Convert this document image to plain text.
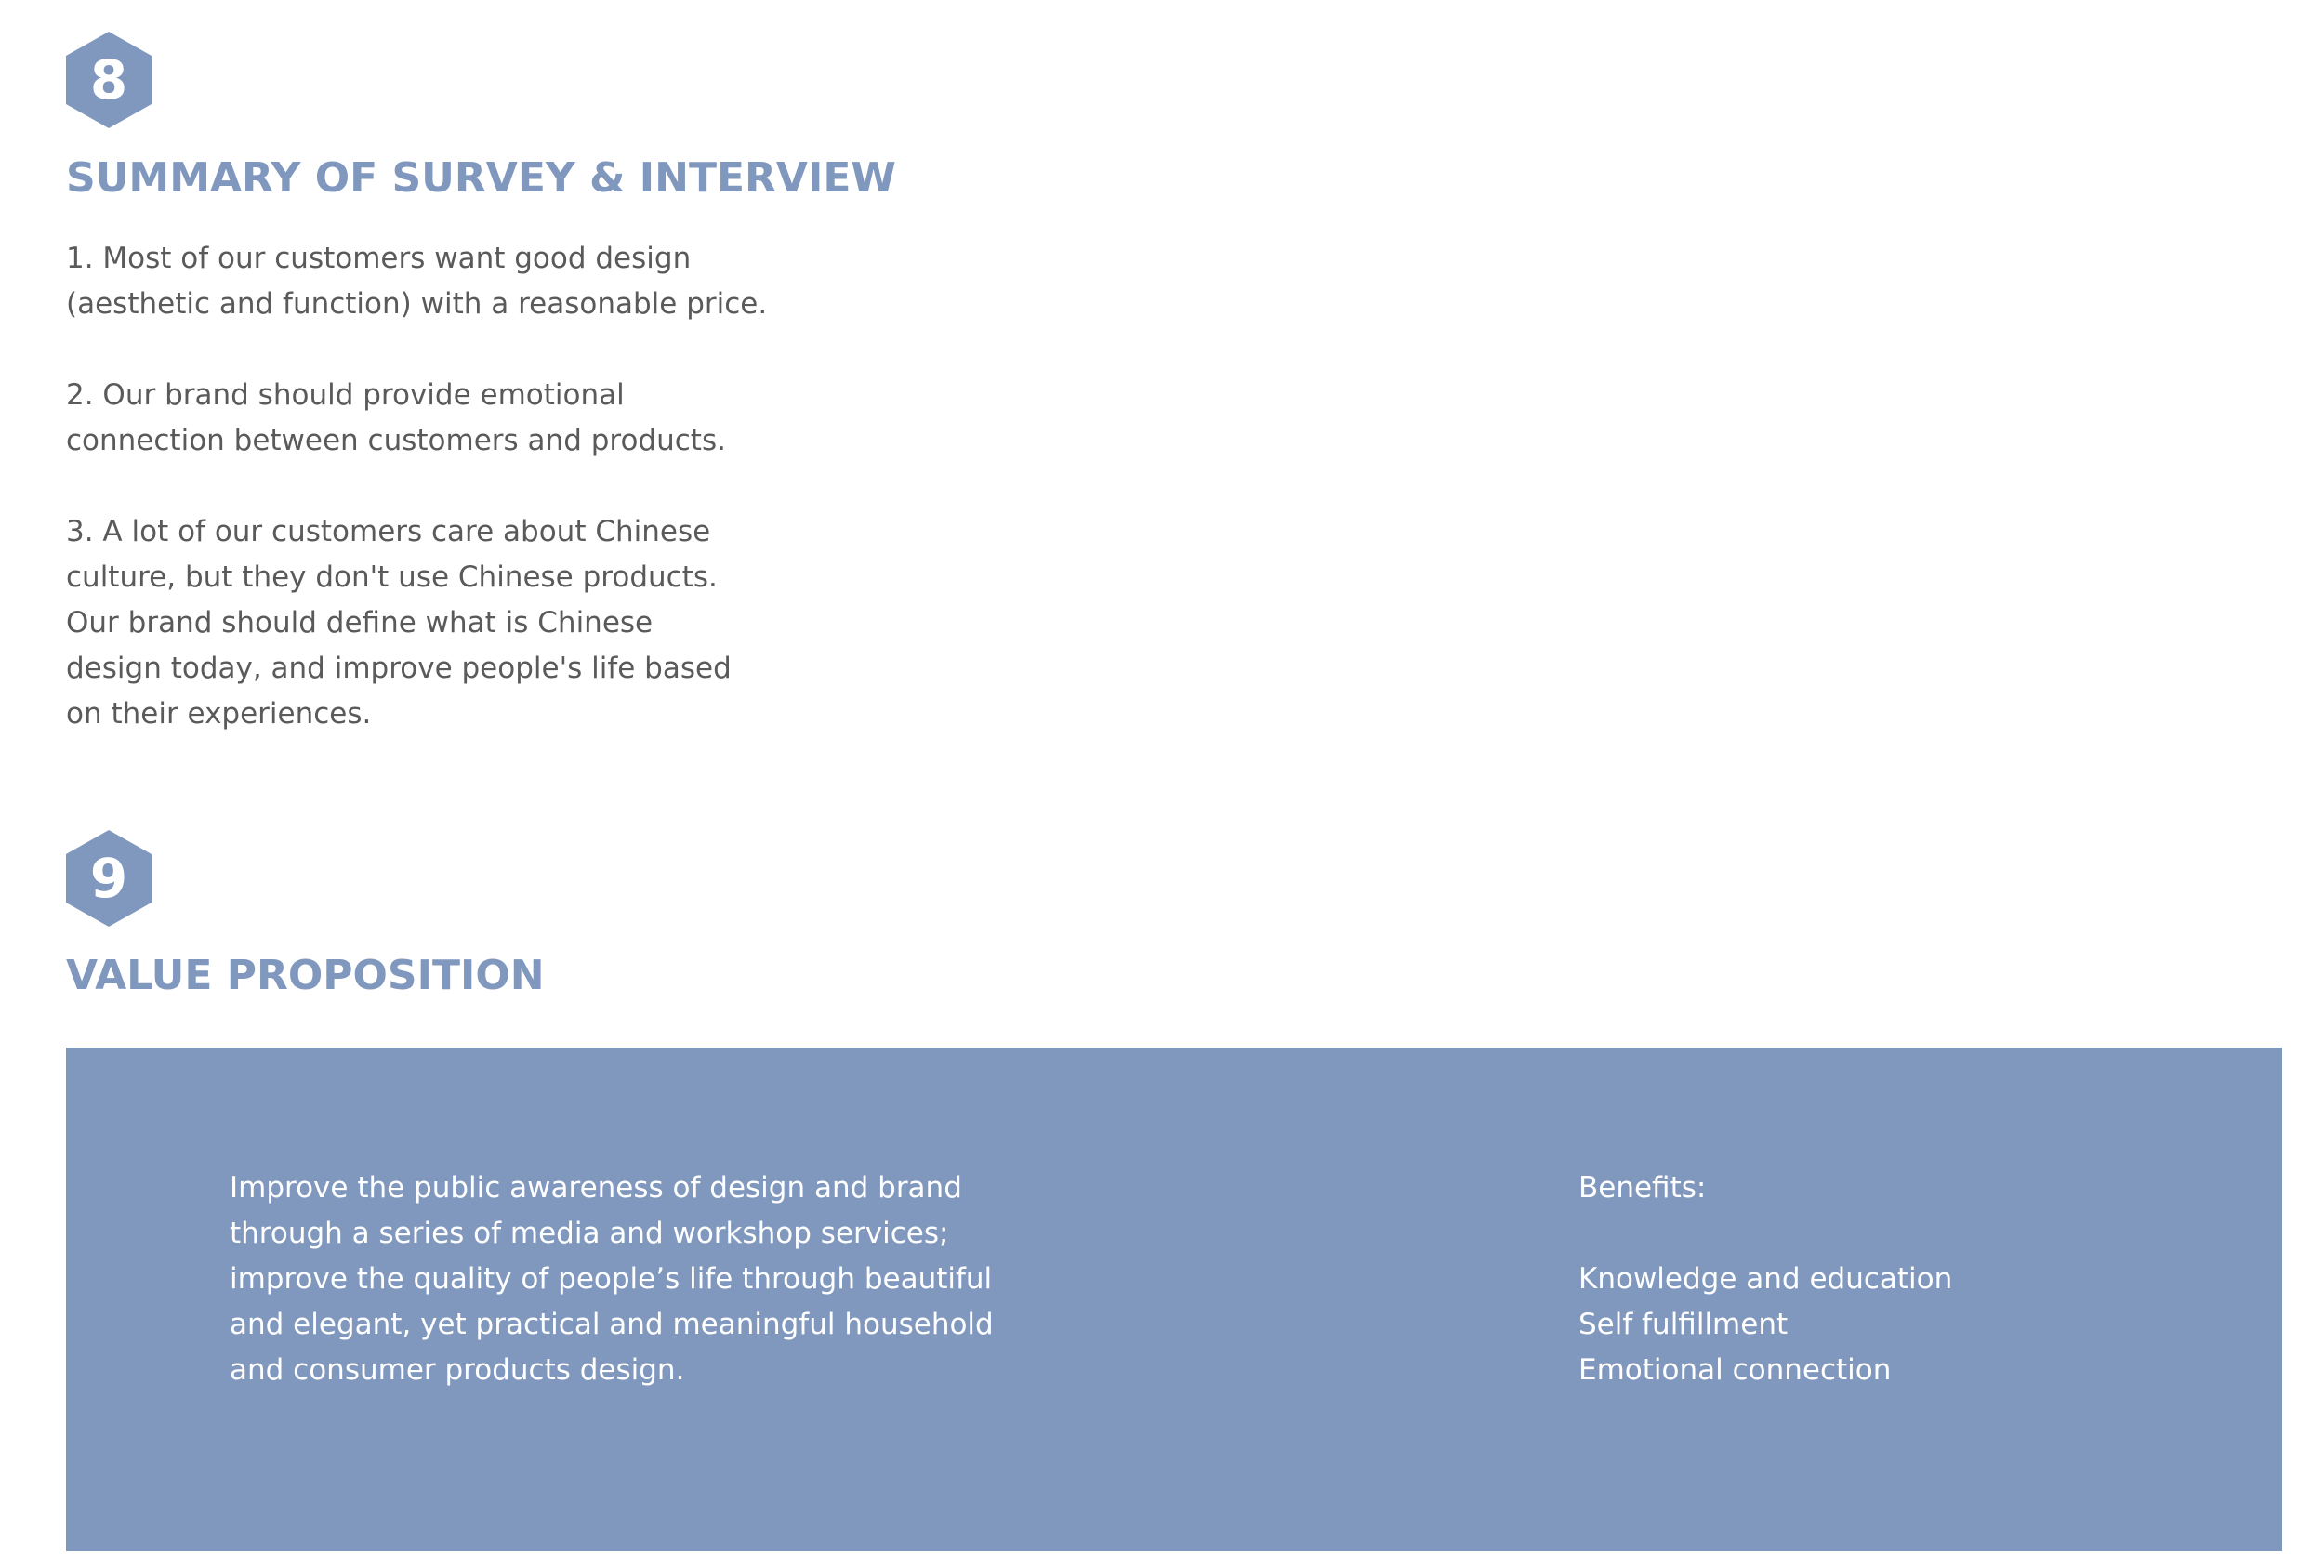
8
SUMMARY OF SURVEY & INTERVIEW

1. Most of our customers want good design
(aesthetic and function) with a reasonable price.

2. Our brand should provide emotional
connection between customers and products.

3. A lot of our customers care about Chinese
culture, but they don't use Chinese products.
Our brand should define what is Chinese
design today, and improve people's life based
on their experiences.

9
VALUE PROPOSITION

Improve the public awareness of design and brand
through a series of media and workshop services;
improve the quality of people’s life through beautiful
and elegant, yet practical and meaningful household
and consumer products design.

Benefits:

Knowledge and education

Self fulfillment

Emotional connection
